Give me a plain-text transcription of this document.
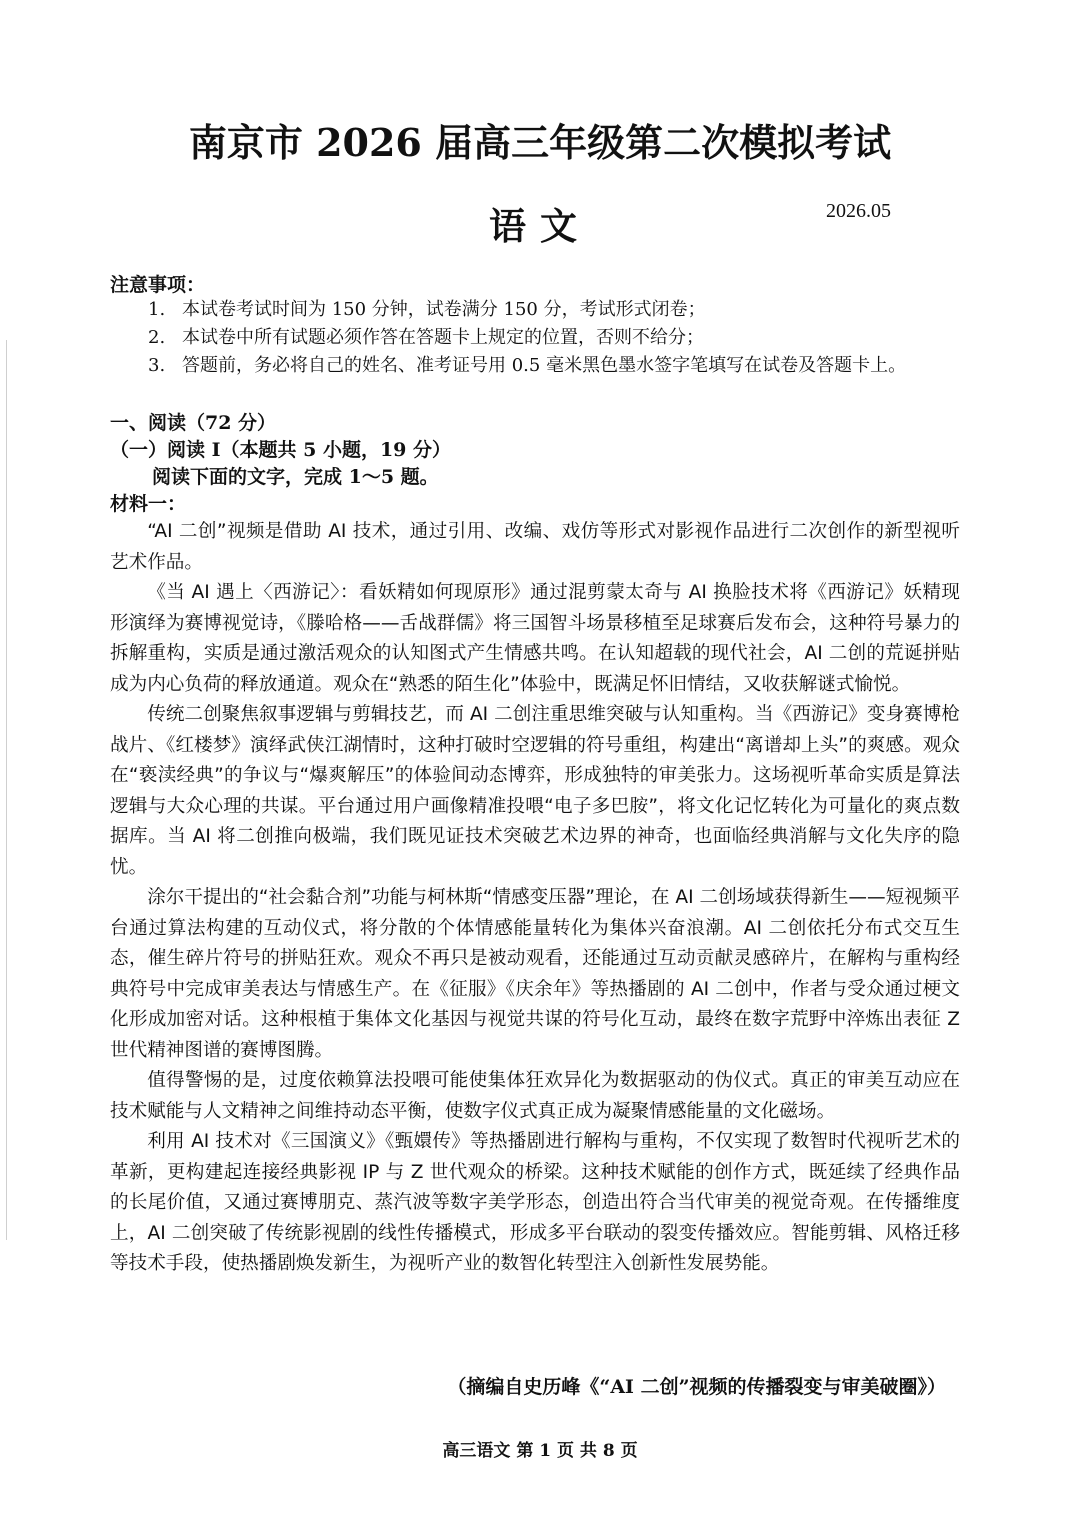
南京市 2026 届高三年级第二次模拟考试
语文	2026.05
注意事项：
1. 本试卷考试时间为 150 分钟，试卷满分 150 分，考试形式闭卷；
2. 本试卷中所有试题必须作答在答题卡上规定的位置，否则不给分；
3. 答题前，务必将自己的姓名、准考证号用 0.5 毫米黑色墨水签字笔填写在试卷及答题卡上。
一、阅读（72 分）
（一）阅读 I（本题共 5 小题，19 分）
阅读下面的文字，完成 1～5 题。
材料一：

“AI 二创”视频是借助 AI 技术，通过引用、改编、戏仿等形式对影视作品进行二次创作的新型视听艺术作品。

《当 AI 遇上〈西游记〉：看妖精如何现原形》通过混剪蒙太奇与 AI 换脸技术将《西游记》妖精现形演绎为赛博视觉诗，《滕哈格——舌战群儒》将三国智斗场景移植至足球赛后发布会，这种符号暴力的拆解重构，实质是通过激活观众的认知图式产生情感共鸣。在认知超载的现代社会，AI 二创的荒诞拼贴成为内心负荷的释放通道。观众在“熟悉的陌生化”体验中，既满足怀旧情结，又收获解谜式愉悦。

传统二创聚焦叙事逻辑与剪辑技艺，而 AI 二创注重思维突破与认知重构。当《西游记》变身赛博枪战片、《红楼梦》演绎武侠江湖情时，这种打破时空逻辑的符号重组，构建出“离谱却上头”的爽感。观众在“亵渎经典”的争议与“爆爽解压”的体验间动态博弈，形成独特的审美张力。这场视听革命实质是算法逻辑与大众心理的共谋。平台通过用户画像精准投喂“电子多巴胺”，将文化记忆转化为可量化的爽点数据库。当 AI 将二创推向极端，我们既见证技术突破艺术边界的神奇，也面临经典消解与文化失序的隐忧。

涂尔干提出的“社会黏合剂”功能与柯林斯“情感变压器”理论，在 AI 二创场域获得新生——短视频平台通过算法构建的互动仪式，将分散的个体情感能量转化为集体兴奋浪潮。AI 二创依托分布式交互生态，催生碎片符号的拼贴狂欢。观众不再只是被动观看，还能通过互动贡献灵感碎片，在解构与重构经典符号中完成审美表达与情感生产。在《征服》《庆余年》等热播剧的 AI 二创中，作者与受众通过梗文化形成加密对话。这种根植于集体文化基因与视觉共谋的符号化互动，最终在数字荒野中淬炼出表征 Z 世代精神图谱的赛博图腾。

值得警惕的是，过度依赖算法投喂可能使集体狂欢异化为数据驱动的伪仪式。真正的审美互动应在技术赋能与人文精神之间维持动态平衡，使数字仪式真正成为凝聚情感能量的文化磁场。

利用 AI 技术对《三国演义》《甄嬛传》等热播剧进行解构与重构，不仅实现了数智时代视听艺术的革新，更构建起连接经典影视 IP 与 Z 世代观众的桥梁。这种技术赋能的创作方式，既延续了经典作品的长尾价值，又通过赛博朋克、蒸汽波等数字美学形态，创造出符合当代审美的视觉奇观。在传播维度上，AI 二创突破了传统影视剧的线性传播模式，形成多平台联动的裂变传播效应。智能剪辑、风格迁移等技术手段，使热播剧焕发新生，为视听产业的数智化转型注入创新性发展势能。

（摘编自史历峰《“AI 二创”视频的传播裂变与审美破圈》）
高三语文 第 1 页 共 8 页
